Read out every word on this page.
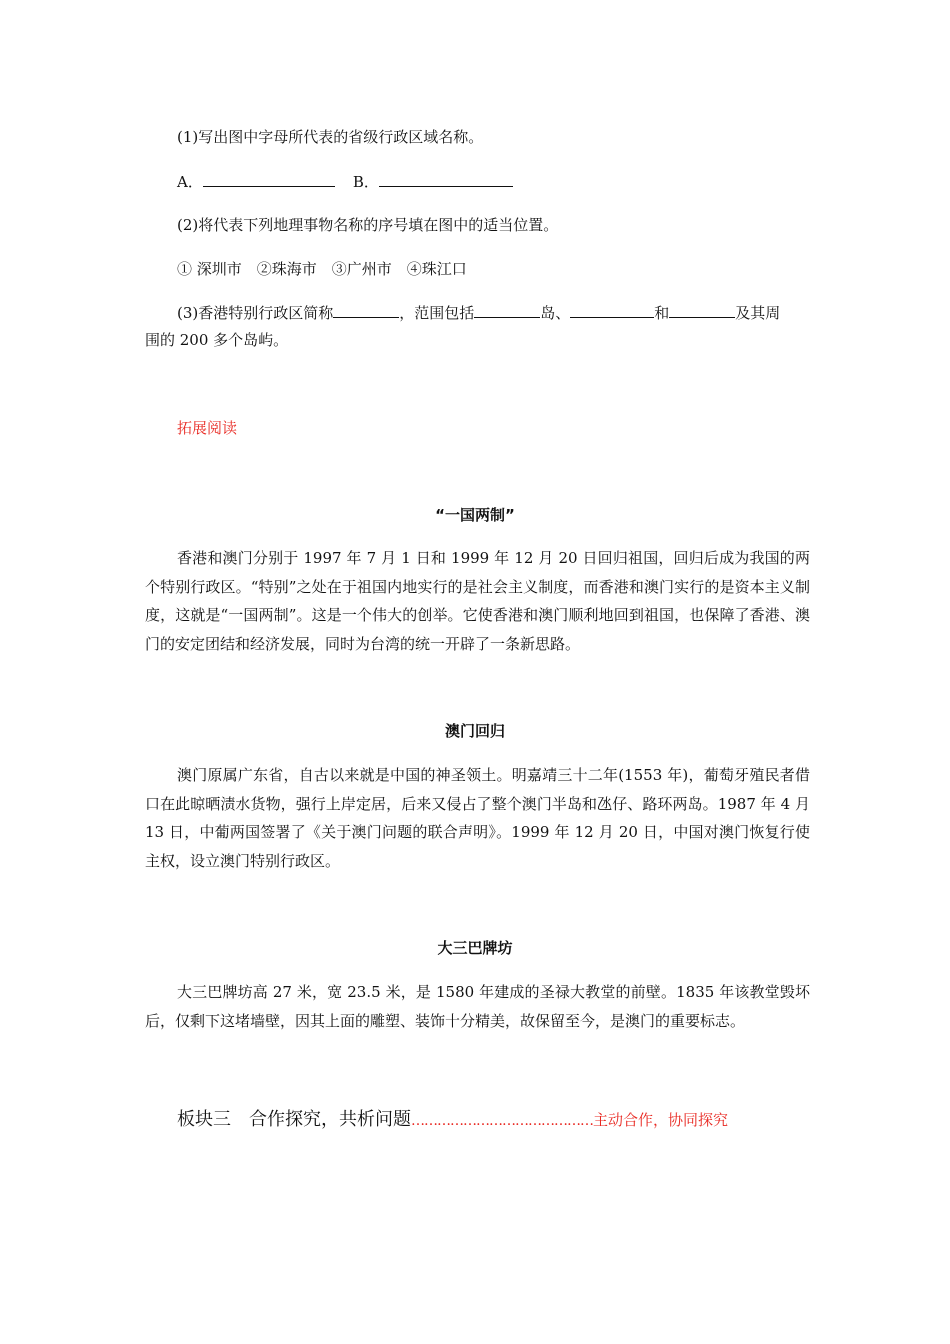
(1)写出图中字母所代表的省级行政区域名称。
A．	B．
(2)将代表下列地理事物名称的序号填在图中的适当位置。
① 深圳市　②珠海市　③广州市　④珠江口
(3)香港特别行政区简称	，范围包括	岛、	和	及其周
围的 200 多个岛屿。
拓展阅读
“一国两制”

香港和澳门分别于 1997 年 7 月 1 日和 1999 年 12 月 20 日回归祖国，回归后成为我国的两个特别行政区。“特别”之处在于祖国内地实行的是社会主义制度，而香港和澳门实行的是资本主义制度，这就是“一国两制”。这是一个伟大的创举。它使香港和澳门顺利地回到祖国，也保障了香港、澳门的安定团结和经济发展，同时为台湾的统一开辟了一条新思路。

澳门回归

澳门原属广东省，自古以来就是中国的神圣领土。明嘉靖三十二年(1553 年)，葡萄牙殖民者借口在此晾晒渍水货物，强行上岸定居，后来又侵占了整个澳门半岛和氹仔、路环两岛。1987 年 4 月 13 日，中葡两国签署了《关于澳门问题的联合声明》。1999 年 12 月 20 日，中国对澳门恢复行使主权，设立澳门特别行政区。

大三巴牌坊

大三巴牌坊高 27 米，宽 23.5 米，是 1580 年建成的圣禄大教堂的前壁。1835 年该教堂毁坏后，仅剩下这堵墙壁，因其上面的雕塑、装饰十分精美，故保留至今，是澳门的重要标志。

板块三　合作探究，共析问题……………………………………主动合作，协同探究
